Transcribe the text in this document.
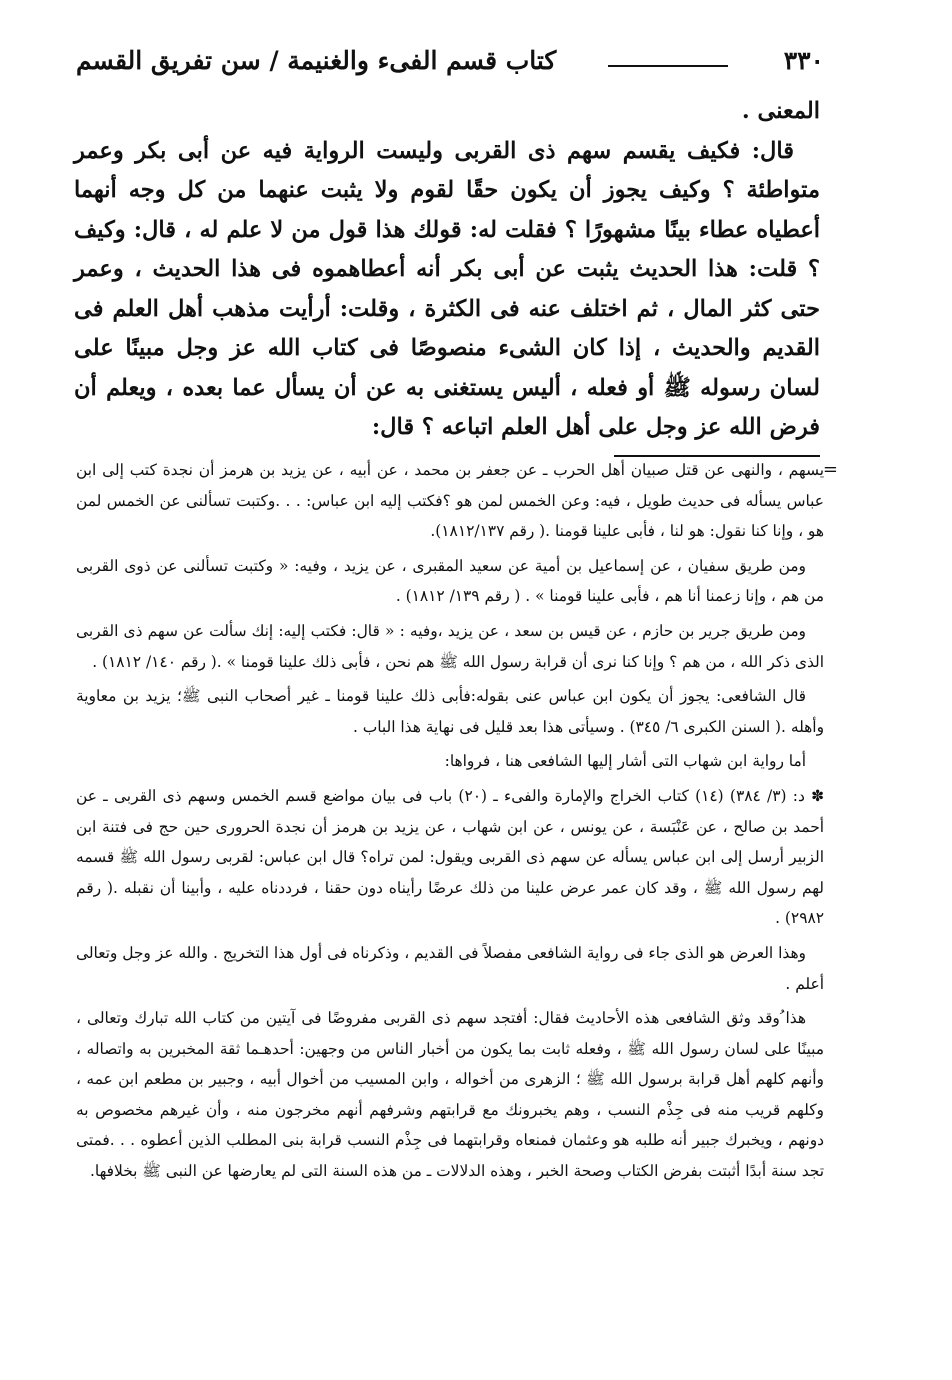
٣٣٠
كتاب قسم الفىء والغنيمة / سن تفريق القسم

المعنى .

قال: فكيف يقسم سهم ذى القربى وليست الرواية فيه عن أبى بكر وعمر متواطئة ؟ وكيف يجوز أن يكون حقًا لقوم ولا يثبت عنهما من كل وجه أنهما أعطياه عطاء بينًا مشهورًا ؟ فقلت له: قولك هذا قول من لا علم له ، قال: وكيف ؟ قلت: هذا الحديث يثبت عن أبى بكر أنه أعطاهموه فى هذا الحديث ، وعمر حتى كثر المال ، ثم اختلف عنه فى الكثرة ، وقلت: أرأيت مذهب أهل العلم فى القديم والحديث ، إذا كان الشىء منصوصًا فى كتاب الله عز وجل مبينًا على لسان رسوله ﷺ أو فعله ، أليس يستغنى به عن أن يسأل عما بعده ، ويعلم أن فرض الله عز وجل على أهل العلم اتباعه ؟ قال:

=

يسهم ، والنهى عن قتل صبيان أهل الحرب ـ عن جعفر بن محمد ، عن أبيه ، عن يزيد بن هرمز أن نجدة كتب إلى ابن عباس يسأله فى حديث طويل ، فيه: وعن الخمس لمن هو ؟فكتب إليه ابن عباس: . . .وكتبت تسألنى عن الخمس لمن هو ، وإنا كنا نقول: هو لنا ، فأبى علينا قومنا .( رقم ١٨١٢/١٣٧).

ومن طريق سفيان ، عن إسماعيل بن أمية عن سعيد المقبرى ، عن يزيد ، وفيه: « وكتبت تسألنى عن ذوى القربى من هم ، وإنا زعمنا أنا هم ، فأبى علينا قومنا » . ( رقم ١٣٩/ ١٨١٢) .

ومن طريق جرير بن حازم ، عن قيس بن سعد ، عن يزيد ،وفيه : « قال: فكتب إليه: إنك سألت عن سهم ذى القربى الذى ذكر الله ، من هم ؟ وإنا كنا نرى أن قرابة رسول الله ﷺ هم نحن ، فأبى ذلك علينا قومنا » .( رقم ١٤٠/ ١٨١٢) .

قال الشافعى: يجوز أن يكون ابن عباس عنى بقوله:فأبى ذلك علينا قومنا ـ غير أصحاب النبى ﷺ؛ يزيد بن معاوية وأهله .( السنن الكبرى ٦/ ٣٤٥) . وسيأتى هذا بعد قليل فى نهاية هذا الباب .

أما رواية ابن شهاب التى أشار إليها الشافعى هنا ، فرواها:

✽ د: (٣/ ٣٨٤) (١٤) كتاب الخراج والإمارة والفىء ـ (٢٠) باب فى بيان مواضع قسم الخمس وسهم ذى القربى ـ عن أحمد بن صالح ، عن عَنْبَسة ، عن يونس ، عن ابن شهاب ، عن يزيد بن هرمز أن نجدة الحرورى حين حج فى فتنة ابن الزبير أرسل إلى ابن عباس يسأله عن سهم ذى القربى ويقول: لمن تراه؟ قال ابن عباس: لقربى رسول الله ﷺ قسمه لهم رسول الله ﷺ ، وقد كان عمر عرض علينا من ذلك عرضًا رأيناه دون حقنا ، فرددناه عليه ، وأبينا أن نقبله .( رقم ٢٩٨٢) .

وهذا العرض هو الذى جاء فى رواية الشافعى مفصلاً فى القديم ، وذكرناه فى أول هذا التخريج . والله عز وجل وتعالى أعلم .

هذا ُوقد وثق الشافعى هذه الأحاديث فقال: أفتجد سهم ذى القربى مفروضًا فى آيتين من كتاب الله تبارك وتعالى ، مبينًا على لسان رسول الله ﷺ ، وفعله ثابت بما يكون من أخبار الناس من وجهين: أحدهـما ثقة المخبرين به واتصاله ، وأنهم كلهم أهل قرابة برسول الله ﷺ ؛ الزهرى من أخواله ، وابن المسيب من أخوال أبيه ، وجبير بن مطعم ابن عمه ، وكلهم قريب منه فى جِذْم النسب ، وهم يخبرونك مع قرابتهم وشرفهم أنهم مخرجون منه ، وأن غيرهم مخصوص به دونهم ، ويخبرك جبير أنه طلبه هو وعثمان فمنعاه وقرابتهما فى جِذْم النسب قرابة بنى المطلب الذين أعطوه . . .فمتى تجد سنة أبدًا أثبتت بفرض الكتاب وصحة الخبر ، وهذه الدلالات ـ من هذه السنة التى لم يعارضها عن النبى ﷺ بخلافها.
